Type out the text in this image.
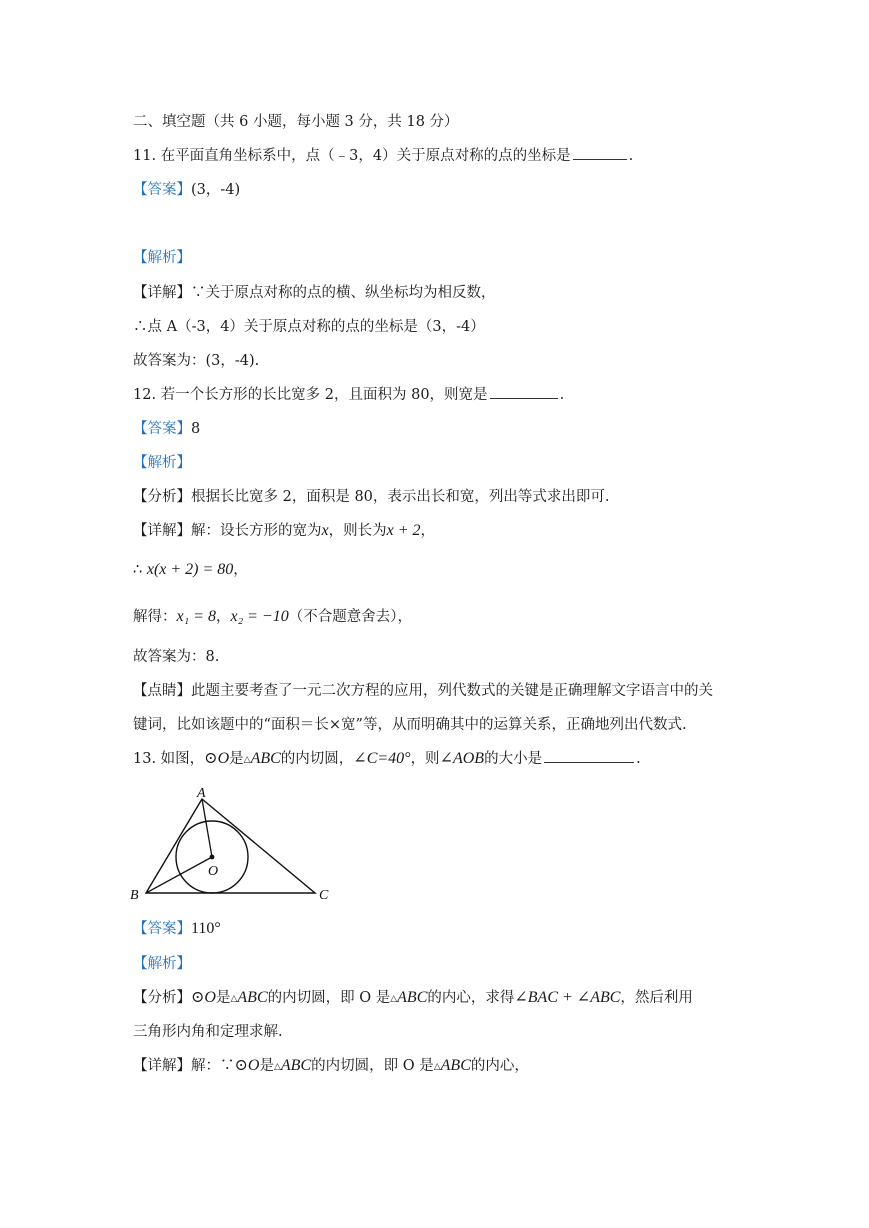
二、填空题（共 6 小题，每小题 3 分，共 18 分）
11. 在平面直角坐标系中，点（﹣3，4）关于原点对称的点的坐标是	.
【答案】(3，-4)
【解析】
【详解】∵关于原点对称的点的横、纵坐标均为相反数，
∴点 A（-3，4）关于原点对称的点的坐标是（3，-4）
故答案为：(3，-4).
12. 若一个长方形的长比宽多 2，且面积为 80，则宽是	.
【答案】8
【解析】
【分析】根据长比宽多 2，面积是 80，表示出长和宽，列出等式求出即可.
【详解】解：设长方形的宽为x，则长为x + 2，
∴ x(x + 2) = 80，
解得：x₁ = 8，x₂ = −10（不合题意舍去），
故答案为：8.
【点睛】此题主要考查了一元二次方程的应用，列代数式的关键是正确理解文字语言中的关
键词，比如该题中的“面积＝长×宽”等，从而明确其中的运算关系，正确地列出代数式.
13. 如图，⊙O是△ABC的内切圆，∠C=40°，则∠AOB的大小是	.
A
B	C
O
【答案】110°
【解析】
【分析】⊙O是△ABC的内切圆，即 O 是△ABC的内心，求得∠BAC + ∠ABC，然后利用
三角形内角和定理求解.
【详解】解：∵⊙O是△ABC的内切圆，即 O 是△ABC的内心，
